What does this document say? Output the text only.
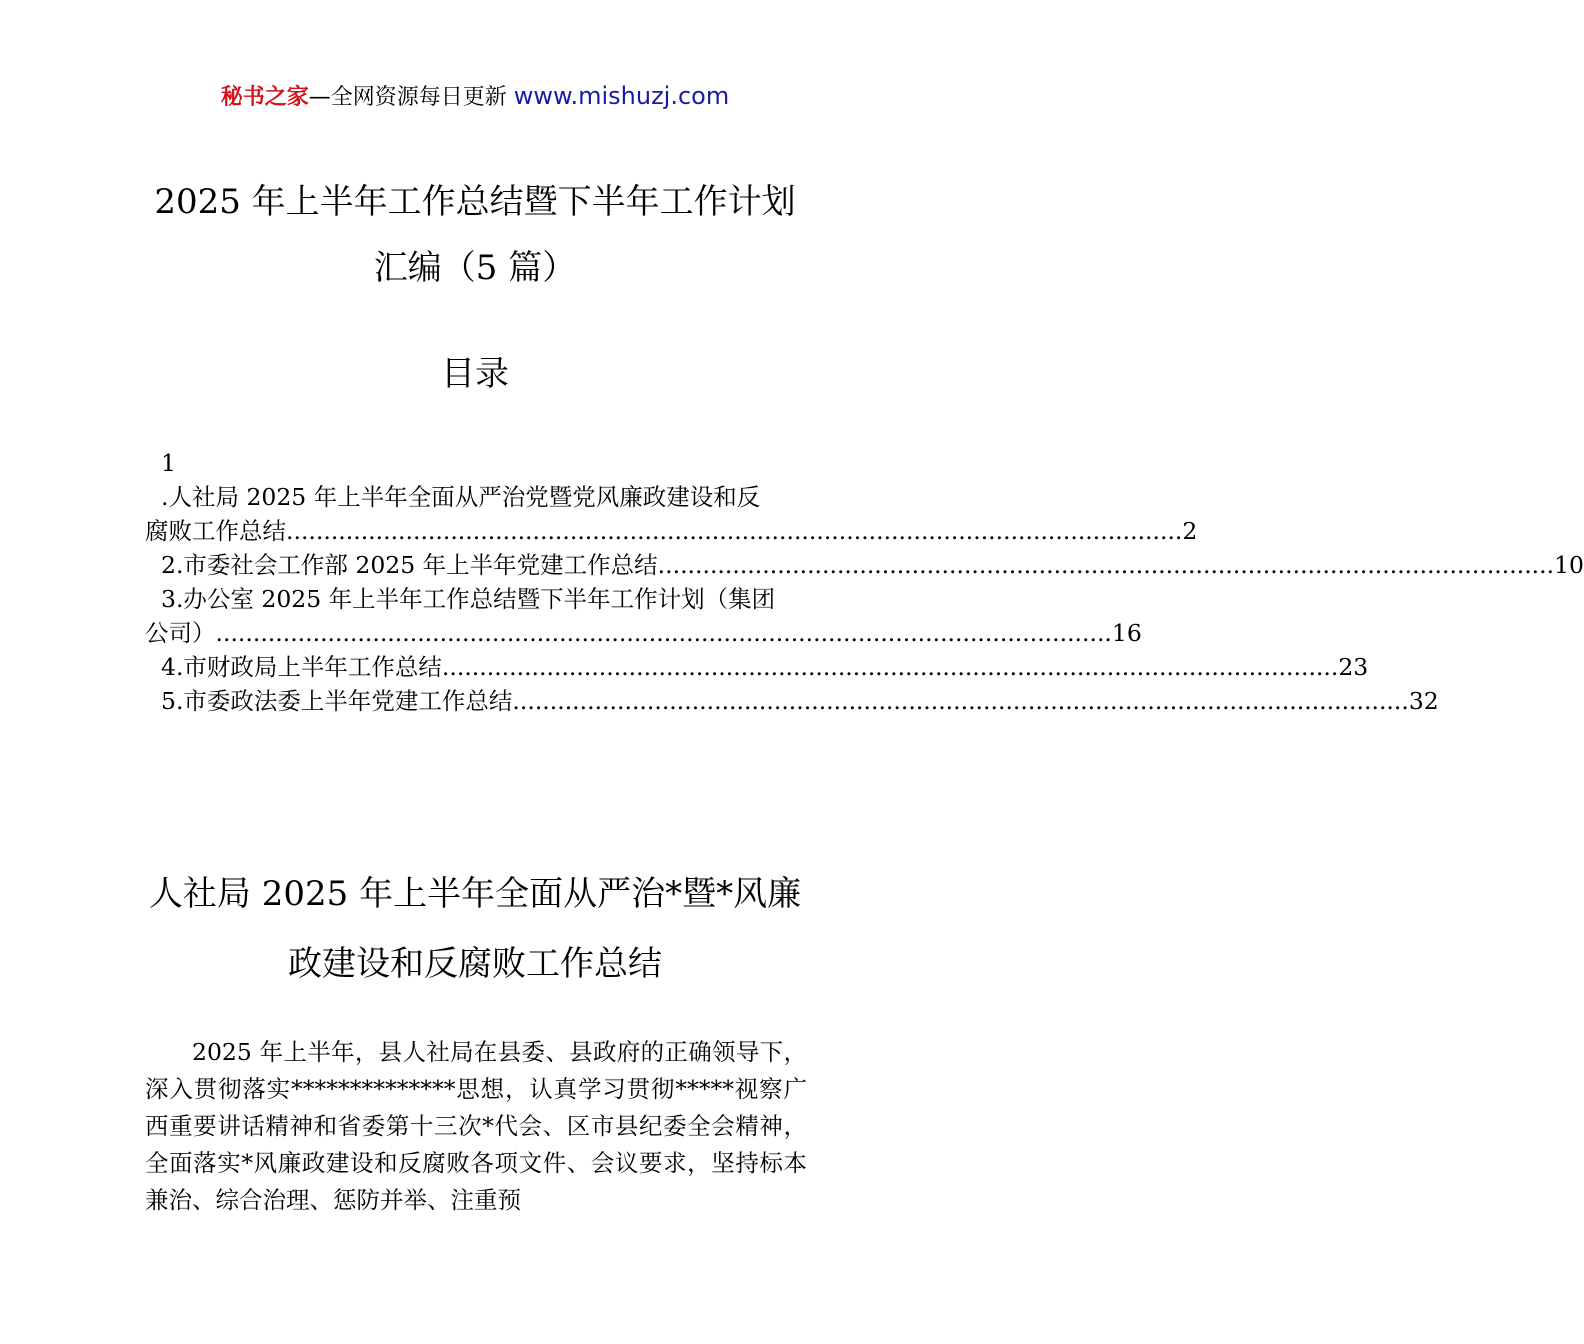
秘书之家—全网资源每日更新 www.mishuzj.com
2025 年上半年工作总结暨下半年工作计划
汇编（5 篇）
目录
1
.人社局 2025 年上半年全面从严治党暨党风廉政建设和反
腐败工作总结 ........................................................................................................................ 2
2.市委社会工作部 2025 年上半年党建工作总结 ........................................................................................................................ 10
3.办公室 2025 年上半年工作总结暨下半年工作计划（集团
公司） ........................................................................................................................ 16
4.市财政局上半年工作总结 ........................................................................................................................ 23
5.市委政法委上半年党建工作总结 ........................................................................................................................ 32
人社局 2025 年上半年全面从严治*暨*风廉
政建设和反腐败工作总结

2025 年上半年，县人社局在县委、县政府的正确领导下，深入贯彻落实**************思想，认真学习贯彻*****视察广西重要讲话精神和省委第十三次*代会、区市县纪委全会精神，全面落实*风廉政建设和反腐败各项文件、会议要求，坚持标本兼治、综合治理、惩防并举、注重预
